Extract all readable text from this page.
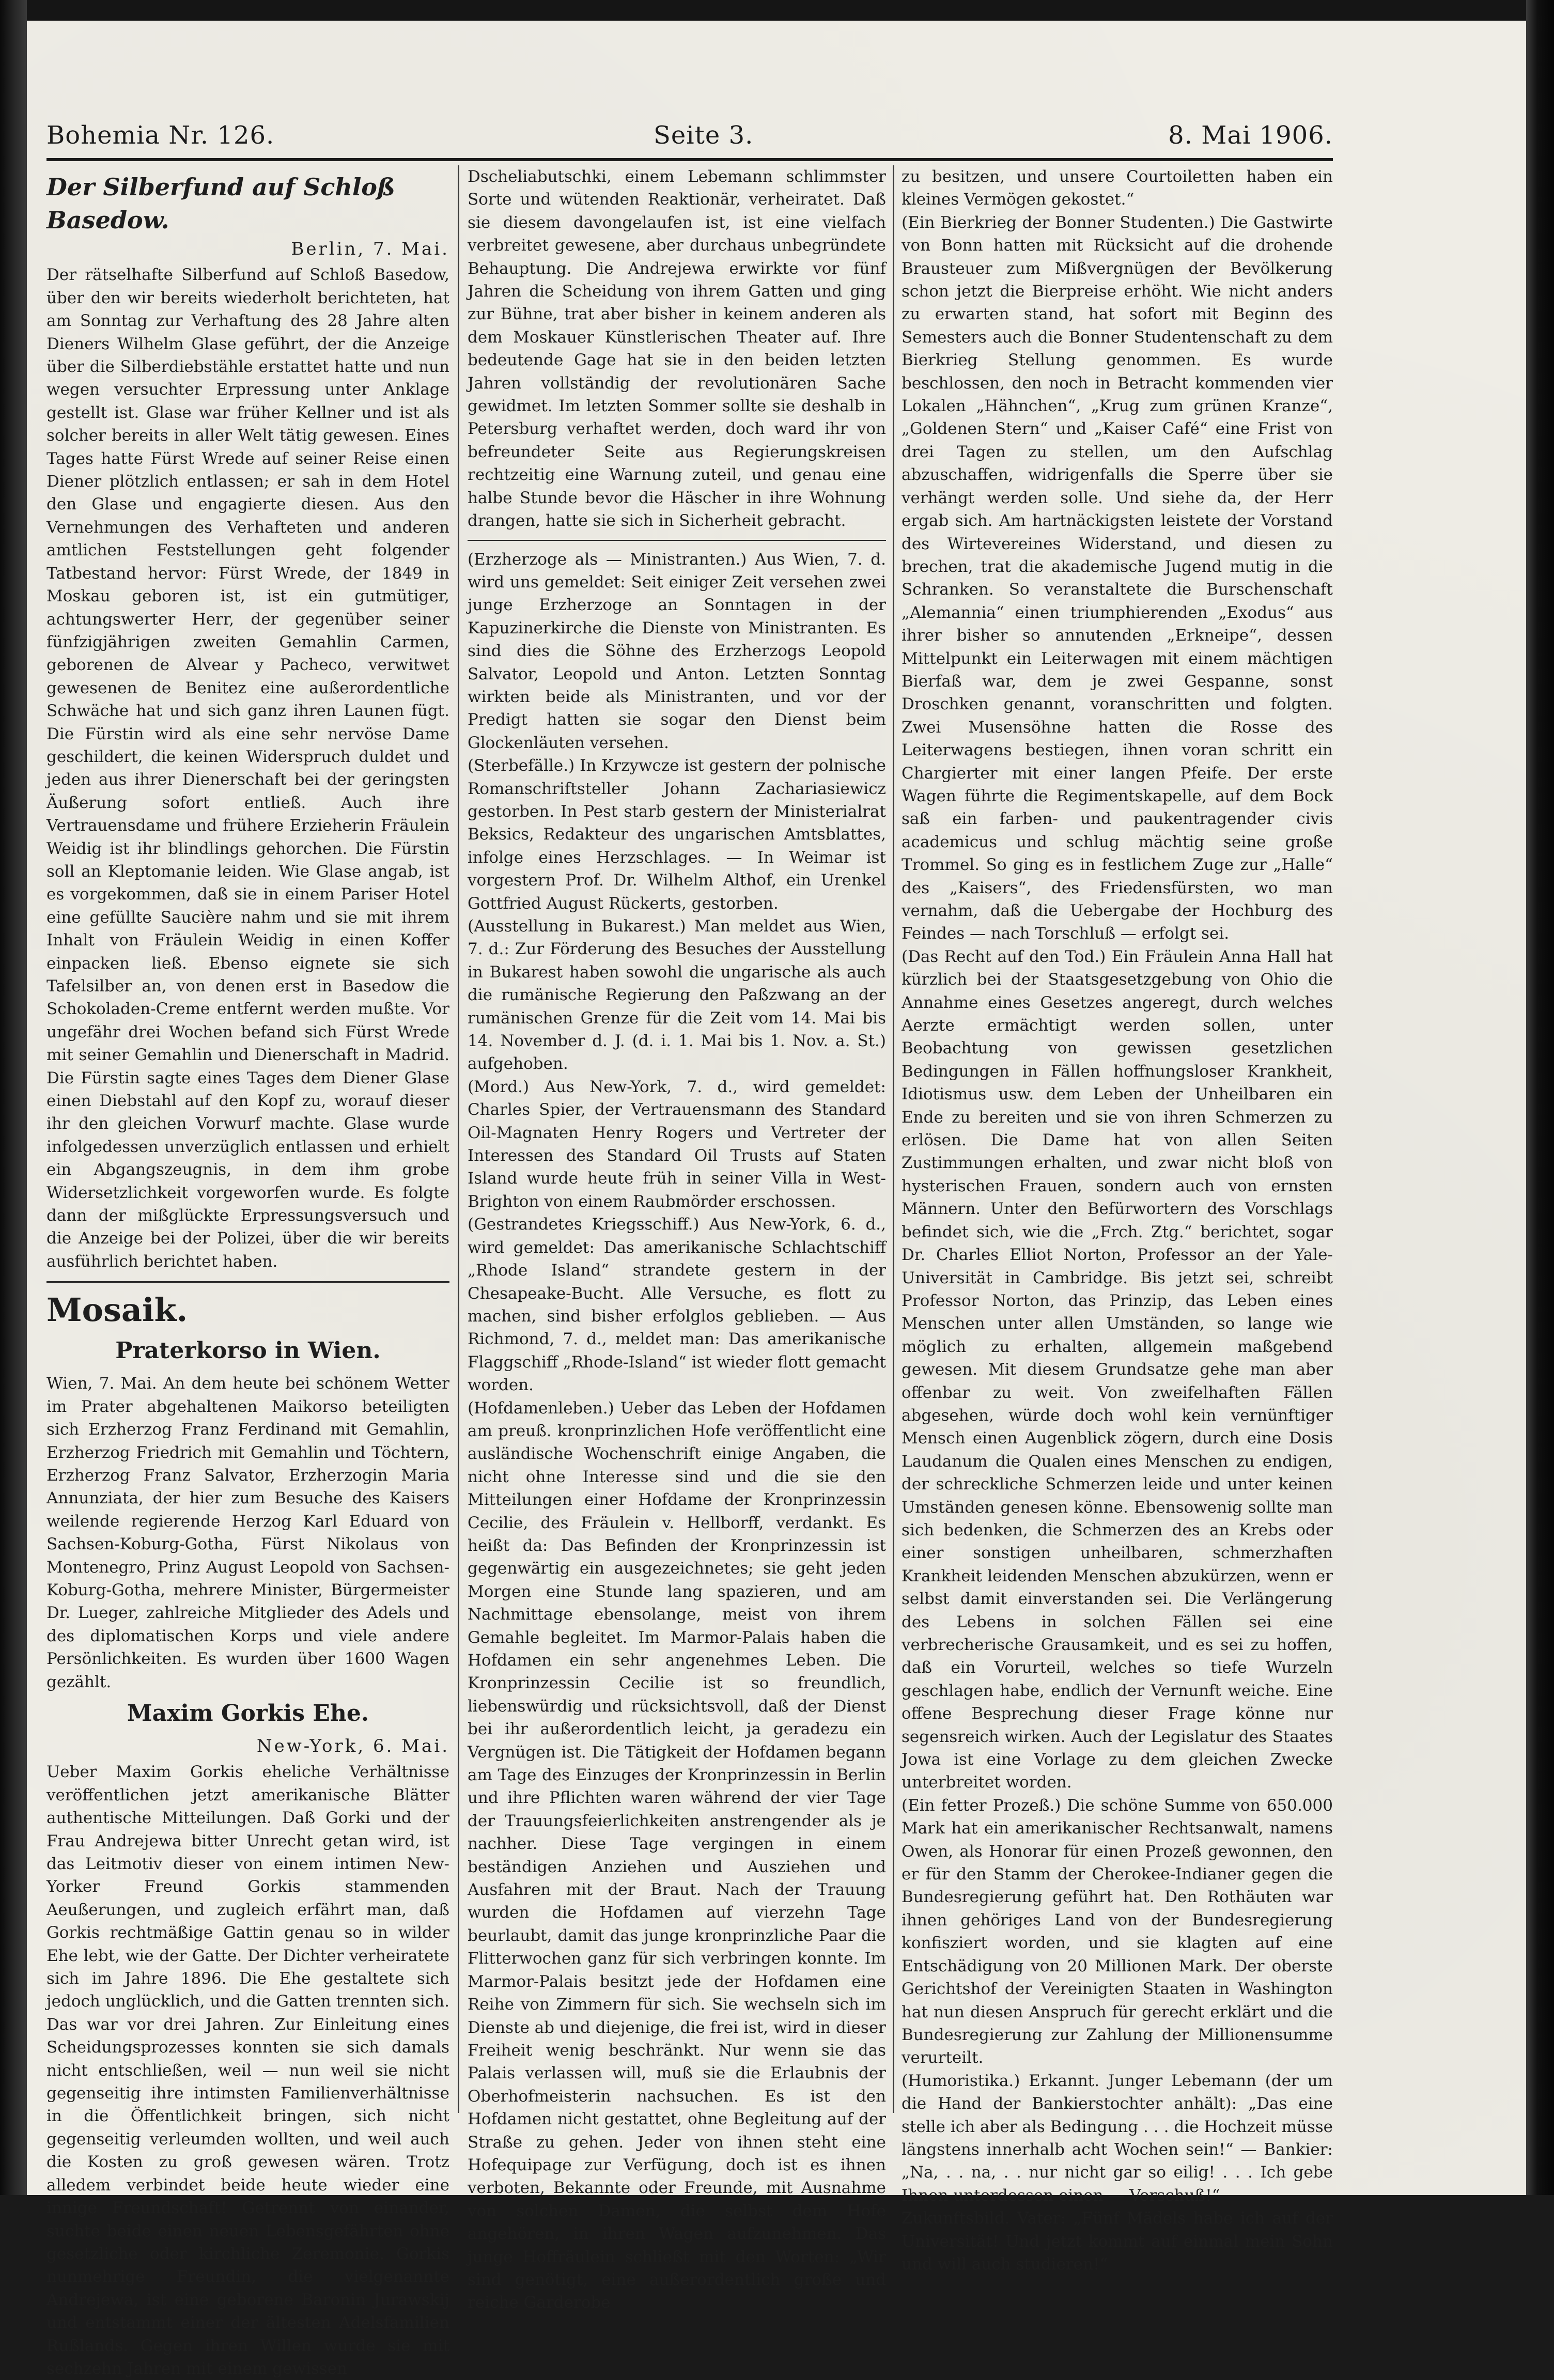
Bohemia Nr. 126.	Seite 3.	8. Mai 1906.
Der Silberfund auf Schloß Basedow.
Berlin, 7. Mai.

Der rätselhafte Silberfund auf Schloß Basedow, über den wir bereits wiederholt berichteten, hat am Sonntag zur Verhaftung des 28 Jahre alten Dieners Wilhelm Glase geführt, der die Anzeige über die Silberdiebstähle erstattet hatte und nun wegen versuchter Erpressung unter Anklage gestellt ist. Glase war früher Kellner und ist als solcher bereits in aller Welt tätig gewesen. Eines Tages hatte Fürst Wrede auf seiner Reise einen Diener plötzlich entlassen; er sah in dem Hotel den Glase und engagierte diesen. Aus den Vernehmungen des Verhafteten und anderen amtlichen Feststellungen geht folgender Tatbestand hervor: Fürst Wrede, der 1849 in Moskau geboren ist, ist ein gutmütiger, achtungswerter Herr, der gegenüber seiner fünfzigjährigen zweiten Gemahlin Carmen, geborenen de Alvear y Pacheco, verwitwet gewesenen de Benitez eine außerordentliche Schwäche hat und sich ganz ihren Launen fügt. Die Fürstin wird als eine sehr nervöse Dame geschildert, die keinen Widerspruch duldet und jeden aus ihrer Dienerschaft bei der geringsten Äußerung sofort entließ. Auch ihre Vertrauensdame und frühere Erzieherin Fräulein Weidig ist ihr blindlings gehorchen. Die Fürstin soll an Kleptomanie leiden. Wie Glase angab, ist es vorgekommen, daß sie in einem Pariser Hotel eine gefüllte Saucière nahm und sie mit ihrem Inhalt von Fräulein Weidig in einen Koffer einpacken ließ. Ebenso eignete sie sich Tafelsilber an, von denen erst in Basedow die Schokoladen-Creme entfernt werden mußte. Vor ungefähr drei Wochen befand sich Fürst Wrede mit seiner Gemahlin und Dienerschaft in Madrid. Die Fürstin sagte eines Tages dem Diener Glase einen Diebstahl auf den Kopf zu, worauf dieser ihr den gleichen Vorwurf machte. Glase wurde infolgedessen unverzüglich entlassen und erhielt ein Abgangszeugnis, in dem ihm grobe Widersetzlichkeit vorgeworfen wurde. Es folgte dann der mißglückte Erpressungsversuch und die Anzeige bei der Polizei, über die wir bereits ausführlich berichtet haben.

Mosaik.
Praterkorso in Wien.

Wien, 7. Mai. An dem heute bei schönem Wetter im Prater abgehaltenen Maikorso beteiligten sich Erzherzog Franz Ferdinand mit Gemahlin, Erzherzog Friedrich mit Gemahlin und Töchtern, Erzherzog Franz Salvator, Erzherzogin Maria Annunziata, der hier zum Besuche des Kaisers weilende regierende Herzog Karl Eduard von Sachsen-Koburg-Gotha, Fürst Nikolaus von Montenegro, Prinz August Leopold von Sachsen-Koburg-Gotha, mehrere Minister, Bürgermeister Dr. Lueger, zahlreiche Mitglieder des Adels und des diplomatischen Korps und viele andere Persönlichkeiten. Es wurden über 1600 Wagen gezählt.

Maxim Gorkis Ehe.
New-York, 6. Mai.

Ueber Maxim Gorkis eheliche Verhältnisse veröffentlichen jetzt amerikanische Blätter authentische Mitteilungen. Daß Gorki und der Frau Andrejewa bitter Unrecht getan wird, ist das Leitmotiv dieser von einem intimen New-Yorker Freund Gorkis stammenden Aeußerungen, und zugleich erfährt man, daß Gorkis rechtmäßige Gattin genau so in wilder Ehe lebt, wie der Gatte. Der Dichter verheiratete sich im Jahre 1896. Die Ehe gestaltete sich jedoch unglücklich, und die Gatten trennten sich. Das war vor drei Jahren. Zur Einleitung eines Scheidungsprozesses konnten sie sich damals nicht entschließen, weil — nun weil sie nicht gegenseitig ihre intimsten Familienverhältnisse in die Öffentlichkeit bringen, sich nicht gegenseitig verleumden wollten, und weil auch die Kosten zu groß gewesen wären. Trotz alledem verbindet beide heute wieder eine innige Freundschaft! Getrennt von einander, suchte beide einen neuen Lebensgefährten ohne gesetzliche oder kirchliche Zeremonie. Gorkis nunmehrige Freundin, die vielgenannte Andrejewa, ist eine geborene Baronin Jurawskij und entstammt einer der ältesten Adelsfamilien Rußlands. Gegen ihren Willen wurde sie mit sechzehn Jahren mit einem gewissen

Dscheliabutschki, einem Lebemann schlimmster Sorte und wütenden Reaktionär, verheiratet. Daß sie diesem davongelaufen ist, ist eine vielfach verbreitet gewesene, aber durchaus unbegründete Behauptung. Die Andrejewa erwirkte vor fünf Jahren die Scheidung von ihrem Gatten und ging zur Bühne, trat aber bisher in keinem anderen als dem Moskauer Künstlerischen Theater auf. Ihre bedeutende Gage hat sie in den beiden letzten Jahren vollständig der revolutionären Sache gewidmet. Im letzten Sommer sollte sie deshalb in Petersburg verhaftet werden, doch ward ihr von befreundeter Seite aus Regierungskreisen rechtzeitig eine Warnung zuteil, und genau eine halbe Stunde bevor die Häscher in ihre Wohnung drangen, hatte sie sich in Sicherheit gebracht.

(Erzherzoge als — Ministranten.) Aus Wien, 7. d. wird uns gemeldet: Seit einiger Zeit versehen zwei junge Erzherzoge an Sonntagen in der Kapuzinerkirche die Dienste von Ministranten. Es sind dies die Söhne des Erzherzogs Leopold Salvator, Leopold und Anton. Letzten Sonntag wirkten beide als Ministranten, und vor der Predigt hatten sie sogar den Dienst beim Glockenläuten versehen.
(Sterbefälle.) In Krzywcze ist gestern der polnische Romanschriftsteller Johann Zachariasiewicz gestorben. In Pest starb gestern der Ministerialrat Beksics, Redakteur des ungarischen Amtsblattes, infolge eines Herzschlages. — In Weimar ist vorgestern Prof. Dr. Wilhelm Althof, ein Urenkel Gottfried August Rückerts, gestorben.
(Ausstellung in Bukarest.) Man meldet aus Wien, 7. d.: Zur Förderung des Besuches der Ausstellung in Bukarest haben sowohl die ungarische als auch die rumänische Regierung den Paßzwang an der rumänischen Grenze für die Zeit vom 14. Mai bis 14. November d. J. (d. i. 1. Mai bis 1. Nov. a. St.) aufgehoben.
(Mord.) Aus New-York, 7. d., wird gemeldet: Charles Spier, der Vertrauensmann des Standard Oil-Magnaten Henry Rogers und Vertreter der Interessen des Standard Oil Trusts auf Staten Island wurde heute früh in seiner Villa in West-Brighton von einem Raubmörder erschossen.
(Gestrandetes Kriegsschiff.) Aus New-York, 6. d., wird gemeldet: Das amerikanische Schlachtschiff „Rhode Island“ strandete gestern in der Chesapeake-Bucht. Alle Versuche, es flott zu machen, sind bisher erfolglos geblieben. — Aus Richmond, 7. d., meldet man: Das amerikanische Flaggschiff „Rhode-Island“ ist wieder flott gemacht worden.
(Hofdamenleben.) Ueber das Leben der Hofdamen am preuß. kronprinzlichen Hofe veröffentlicht eine ausländische Wochenschrift einige Angaben, die nicht ohne Interesse sind und die sie den Mitteilungen einer Hofdame der Kronprinzessin Cecilie, des Fräulein v. Hellborff, verdankt. Es heißt da: Das Befinden der Kronprinzessin ist gegenwärtig ein ausgezeichnetes; sie geht jeden Morgen eine Stunde lang spazieren, und am Nachmittage ebensolange, meist von ihrem Gemahle begleitet. Im Marmor-Palais haben die Hofdamen ein sehr angenehmes Leben. Die Kronprinzessin Cecilie ist so freundlich, liebenswürdig und rücksichtsvoll, daß der Dienst bei ihr außerordentlich leicht, ja geradezu ein Vergnügen ist. Die Tätigkeit der Hofdamen begann am Tage des Einzuges der Kronprinzessin in Berlin und ihre Pflichten waren während der vier Tage der Trauungsfeierlichkeiten anstrengender als je nachher. Diese Tage vergingen in einem beständigen Anziehen und Ausziehen und Ausfahren mit der Braut. Nach der Trauung wurden die Hofdamen auf vierzehn Tage beurlaubt, damit das junge kronprinzliche Paar die Flitterwochen ganz für sich verbringen konnte. Im Marmor-Palais besitzt jede der Hofdamen eine Reihe von Zimmern für sich. Sie wechseln sich im Dienste ab und diejenige, die frei ist, wird in dieser Freiheit wenig beschränkt. Nur wenn sie das Palais verlassen will, muß sie die Erlaubnis der Oberhofmeisterin nachsuchen. Es ist den Hofdamen nicht gestattet, ohne Begleitung auf der Straße zu gehen. Jeder von ihnen steht eine Hofequipage zur Verfügung, doch ist es ihnen verboten, Bekannte oder Freunde, mit Ausnahme von solchen Damen, die selbst dem Hofe angehören, in ihren Wagen aufzunehmen. Das junge Hoffräulein schließt mit den Worten: „Wir sind genötigt, eine außerordentlich große und reiche Garderobe

zu besitzen, und unsere Courtoiletten haben ein kleines Vermögen gekostet.“
(Ein Bierkrieg der Bonner Studenten.) Die Gastwirte von Bonn hatten mit Rücksicht auf die drohende Brausteuer zum Mißvergnügen der Bevölkerung schon jetzt die Bierpreise erhöht. Wie nicht anders zu erwarten stand, hat sofort mit Beginn des Semesters auch die Bonner Studentenschaft zu dem Bierkrieg Stellung genommen. Es wurde beschlossen, den noch in Betracht kommenden vier Lokalen „Hähnchen“, „Krug zum grünen Kranze“, „Goldenen Stern“ und „Kaiser Café“ eine Frist von drei Tagen zu stellen, um den Aufschlag abzuschaffen, widrigenfalls die Sperre über sie verhängt werden solle. Und siehe da, der Herr ergab sich. Am hartnäckigsten leistete der Vorstand des Wirtevereines Widerstand, und diesen zu brechen, trat die akademische Jugend mutig in die Schranken. So veranstaltete die Burschenschaft „Alemannia“ einen triumphierenden „Exodus“ aus ihrer bisher so annutenden „Erkneipe“, dessen Mittelpunkt ein Leiterwagen mit einem mächtigen Bierfaß war, dem je zwei Gespanne, sonst Droschken genannt, voranschritten und folgten. Zwei Musensöhne hatten die Rosse des Leiterwagens bestiegen, ihnen voran schritt ein Chargierter mit einer langen Pfeife. Der erste Wagen führte die Regimentskapelle, auf dem Bock saß ein farben- und paukentragender civis academicus und schlug mächtig seine große Trommel. So ging es in festlichem Zuge zur „Halle“ des „Kaisers“, des Friedensfürsten, wo man vernahm, daß die Uebergabe der Hochburg des Feindes — nach Torschluß — erfolgt sei.
(Das Recht auf den Tod.) Ein Fräulein Anna Hall hat kürzlich bei der Staatsgesetzgebung von Ohio die Annahme eines Gesetzes angeregt, durch welches Aerzte ermächtigt werden sollen, unter Beobachtung von gewissen gesetzlichen Bedingungen in Fällen hoffnungsloser Krankheit, Idiotismus usw. dem Leben der Unheilbaren ein Ende zu bereiten und sie von ihren Schmerzen zu erlösen. Die Dame hat von allen Seiten Zustimmungen erhalten, und zwar nicht bloß von hysterischen Frauen, sondern auch von ernsten Männern. Unter den Befürwortern des Vorschlags befindet sich, wie die „Frch. Ztg.“ berichtet, sogar Dr. Charles Elliot Norton, Professor an der Yale-Universität in Cambridge. Bis jetzt sei, schreibt Professor Norton, das Prinzip, das Leben eines Menschen unter allen Umständen, so lange wie möglich zu erhalten, allgemein maßgebend gewesen. Mit diesem Grundsatze gehe man aber offenbar zu weit. Von zweifelhaften Fällen abgesehen, würde doch wohl kein vernünftiger Mensch einen Augenblick zögern, durch eine Dosis Laudanum die Qualen eines Menschen zu endigen, der schreckliche Schmerzen leide und unter keinen Umständen genesen könne. Ebensowenig sollte man sich bedenken, die Schmerzen des an Krebs oder einer sonstigen unheilbaren, schmerzhaften Krankheit leidenden Menschen abzukürzen, wenn er selbst damit einverstanden sei. Die Verlängerung des Lebens in solchen Fällen sei eine verbrecherische Grausamkeit, und es sei zu hoffen, daß ein Vorurteil, welches so tiefe Wurzeln geschlagen habe, endlich der Vernunft weiche. Eine offene Besprechung dieser Frage könne nur segensreich wirken. Auch der Legislatur des Staates Jowa ist eine Vorlage zu dem gleichen Zwecke unterbreitet worden.
(Ein fetter Prozeß.) Die schöne Summe von 650.000 Mark hat ein amerikanischer Rechtsanwalt, namens Owen, als Honorar für einen Prozeß gewonnen, den er für den Stamm der Cherokee-Indianer gegen die Bundesregierung geführt hat. Den Rothäuten war ihnen gehöriges Land von der Bundesregierung konfisziert worden, und sie klagten auf eine Entschädigung von 20 Millionen Mark. Der oberste Gerichtshof der Vereinigten Staaten in Washington hat nun diesen Anspruch für gerecht erklärt und die Bundesregierung zur Zahlung der Millionensumme verurteilt.
(Humoristika.) Erkannt. Junger Lebemann (der um die Hand der Bankierstochter anhält): „Das eine stelle ich aber als Bedingung . . . die Hochzeit müsse längstens innerhalb acht Wochen sein!“ — Bankier: „Na, . . na, . . nur nicht gar so eilig! . . . Ich gebe Ihnen unterdessen einen — Vorschuß!“
Zukunftsbild. Vater: „Fünf Mädels habe ich auf der Universität! Und jetzt kommt auf einmal mein Sohn und will auch studieren!“
